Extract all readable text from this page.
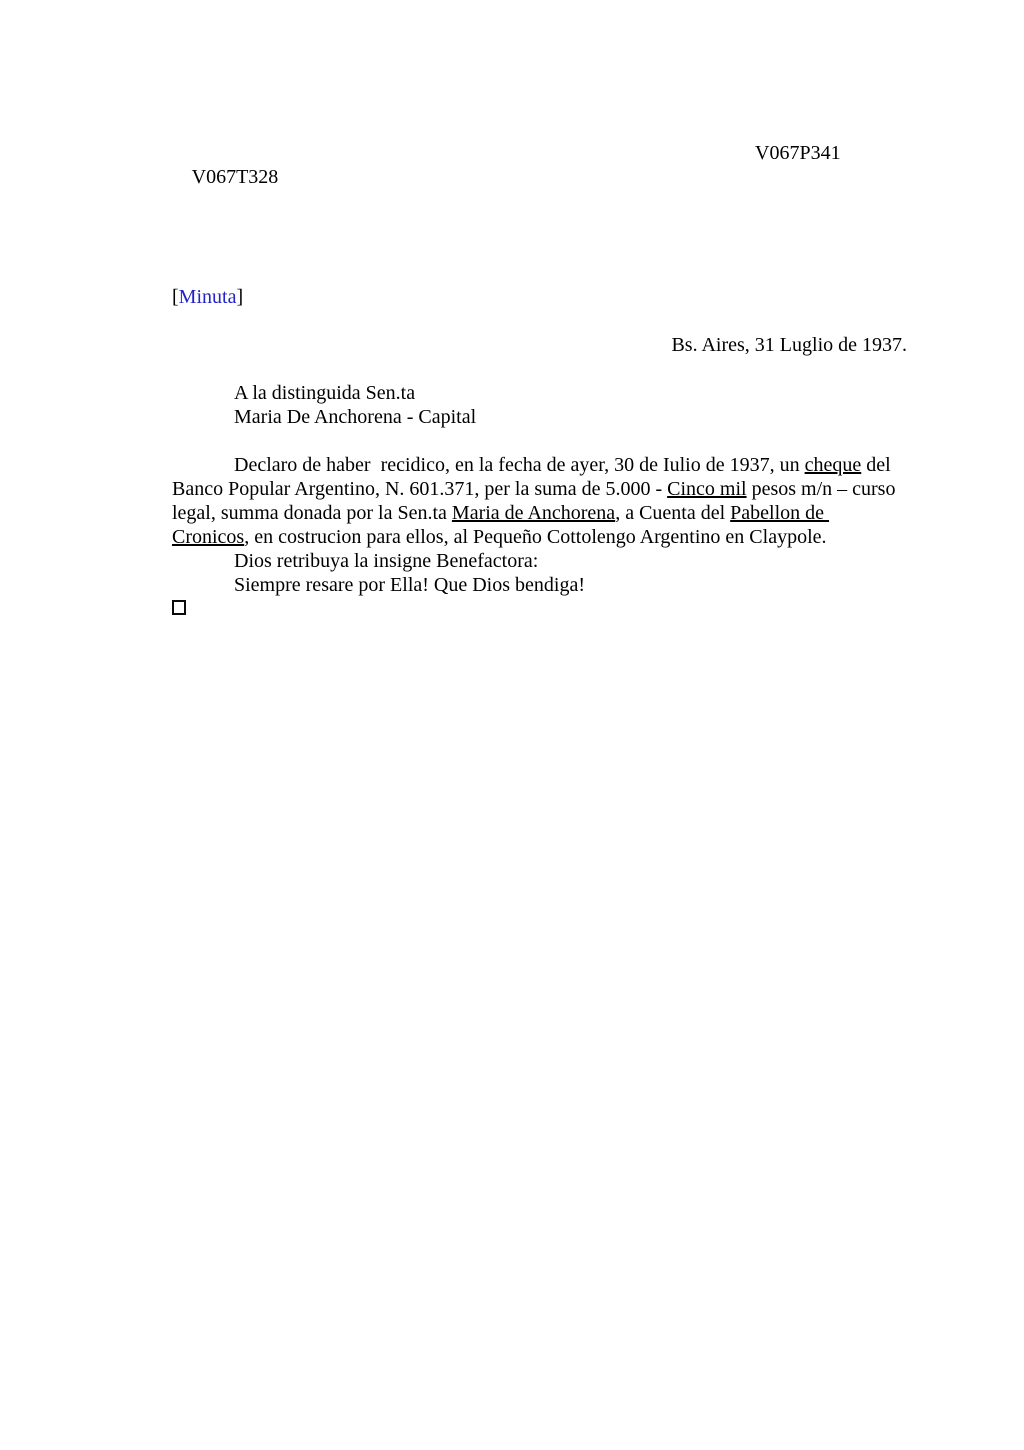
V067T328

V067P341

[Minuta]
Bs. Aires, 31 Luglio de 1937.
A la distinguida Sen.ta
Maria De Anchorena - Capital
Declaro de haber  recidico, en la fecha de ayer, 30 de Iulio de 1937, un cheque del
Banco Popular Argentino, N. 601.371, per la suma de 5.000 - Cinco mil pesos m/n – curso
legal, summa donada por la Sen.ta Maria de Anchorena, a Cuenta del Pabellon de
Cronicos, en costrucion para ellos, al Pequeño Cottolengo Argentino en Claypole.
Dios retribuya la insigne Benefactora:
Siempre resare por Ella! Que Dios bendiga!
